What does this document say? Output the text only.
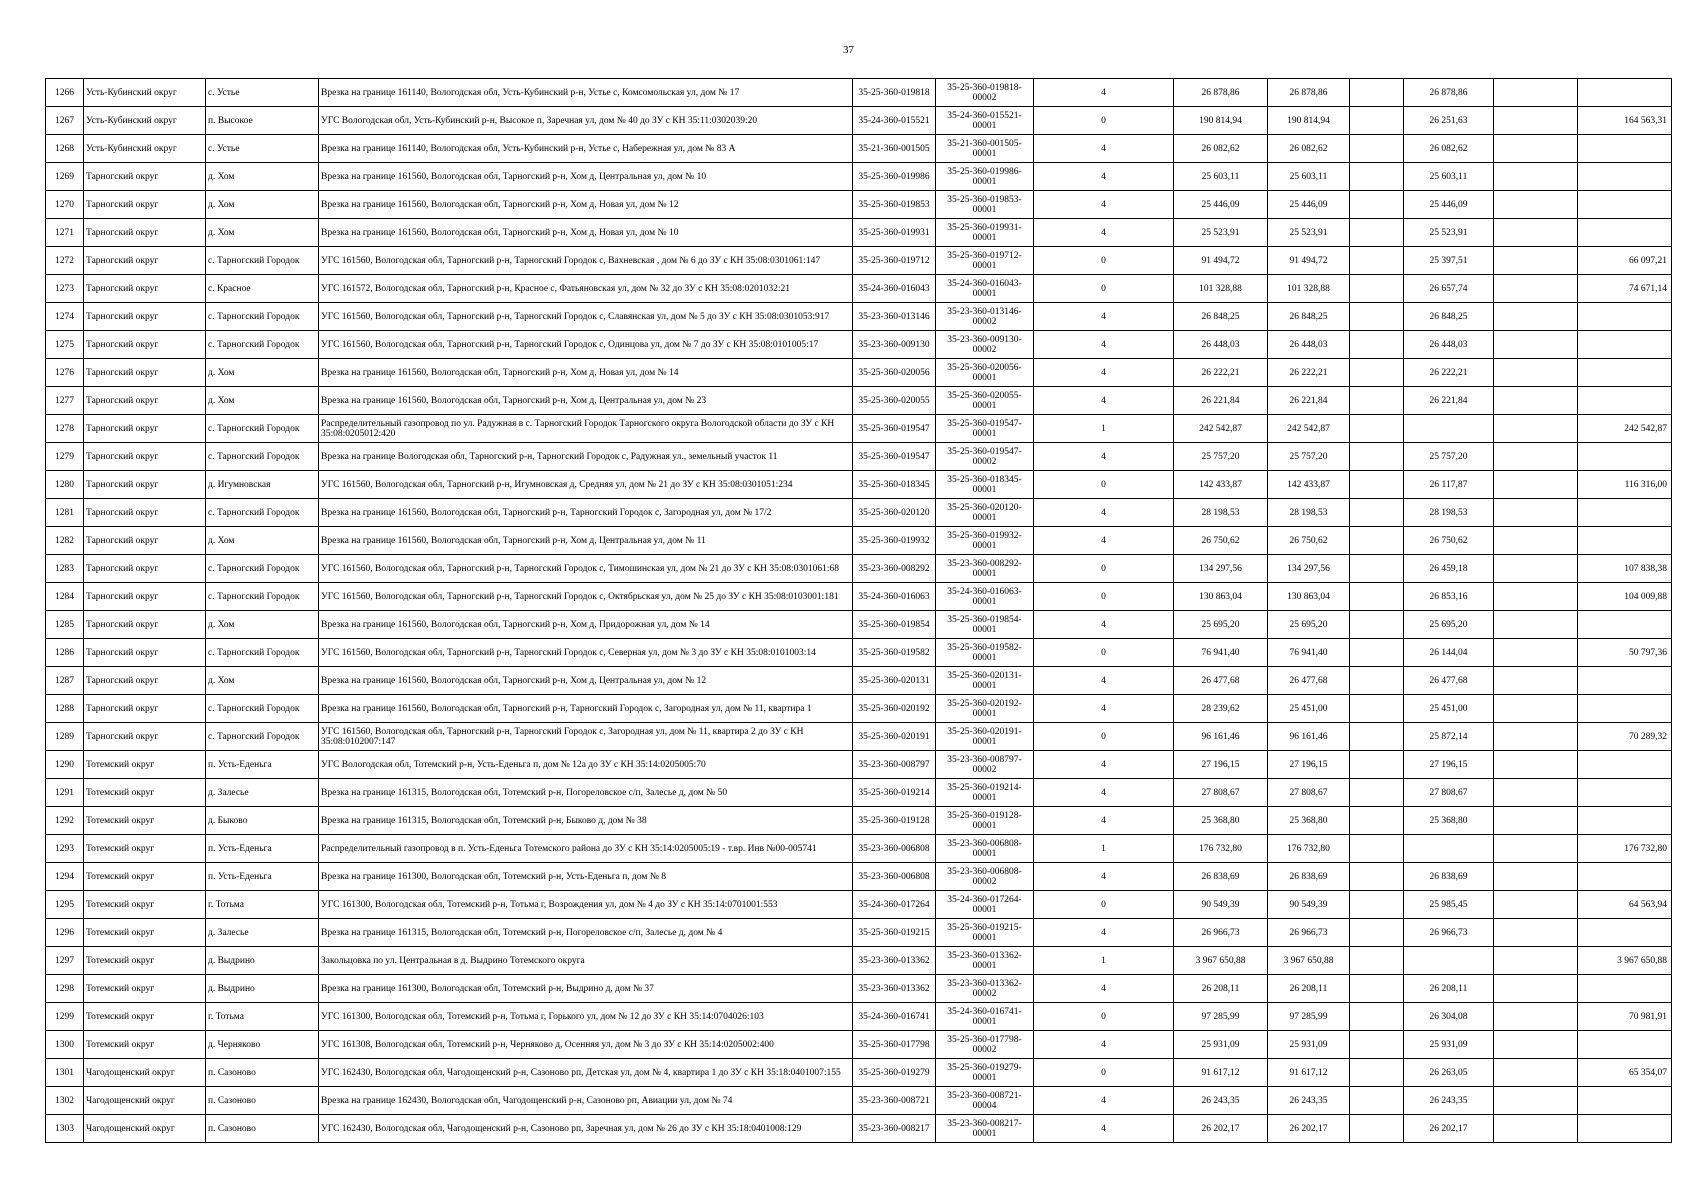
37
1266	Усть-Кубинский округ	с. Устье	Врезка на границе 161140, Вологодская обл, Усть-Кубинский р-н, Устье с, Комсомольская ул, дом № 17	35-25-360-019818	35-25-360-019818-00002	4	26 878,86	26 878,86		26 878,86		
1267	Усть-Кубинский округ	п. Высокое	УГС Вологодская обл, Усть-Кубинский р-н, Высокое п, Заречная ул, дом № 40 до ЗУ с КН 35:11:0302039:20	35-24-360-015521	35-24-360-015521-00001	0	190 814,94	190 814,94		26 251,63		164 563,31
1268	Усть-Кубинский округ	с. Устье	Врезка на границе 161140, Вологодская обл, Усть-Кубинский р-н, Устье с, Набережная ул, дом № 83 А	35-21-360-001505	35-21-360-001505-00001	4	26 082,62	26 082,62		26 082,62		
1269	Тарногский округ	д. Хом	Врезка на границе 161560, Вологодская обл, Тарногский р-н, Хом д, Центральная ул, дом № 10	35-25-360-019986	35-25-360-019986-00001	4	25 603,11	25 603,11		25 603,11		
1270	Тарногский округ	д. Хом	Врезка на границе 161560, Вологодская обл, Тарногский р-н, Хом д, Новая ул, дом № 12	35-25-360-019853	35-25-360-019853-00001	4	25 446,09	25 446,09		25 446,09		
1271	Тарногский округ	д. Хом	Врезка на границе 161560, Вологодская обл, Тарногский р-н, Хом д, Новая ул, дом № 10	35-25-360-019931	35-25-360-019931-00001	4	25 523,91	25 523,91		25 523,91		
1272	Тарногский округ	с. Тарногский Городок	УГС 161560, Вологодская обл, Тарногский р-н, Тарногский Городок с, Вахневская , дом № 6 до ЗУ с КН 35:08:0301061:147	35-25-360-019712	35-25-360-019712-00001	0	91 494,72	91 494,72		25 397,51		66 097,21
1273	Тарногский округ	с. Красное	УГС 161572, Вологодская обл, Тарногский р-н, Красное с, Фатьяновская ул, дом № 32 до ЗУ с КН 35:08:0201032:21	35-24-360-016043	35-24-360-016043-00001	0	101 328,88	101 328,88		26 657,74		74 671,14
1274	Тарногский округ	с. Тарногский Городок	УГС 161560, Вологодская обл, Тарногский р-н, Тарногский Городок с, Славянская ул, дом № 5 до ЗУ с КН 35:08:0301053:917	35-23-360-013146	35-23-360-013146-00002	4	26 848,25	26 848,25		26 848,25		
1275	Тарногский округ	с. Тарногский Городок	УГС 161560, Вологодская обл, Тарногский р-н, Тарногский Городок с, Одинцова ул, дом № 7 до ЗУ с КН 35:08:0101005:17	35-23-360-009130	35-23-360-009130-00002	4	26 448,03	26 448,03		26 448,03		
1276	Тарногский округ	д. Хом	Врезка на границе 161560, Вологодская обл, Тарногский р-н, Хом д, Новая ул, дом № 14	35-25-360-020056	35-25-360-020056-00001	4	26 222,21	26 222,21		26 222,21		
1277	Тарногский округ	д. Хом	Врезка на границе 161560, Вологодская обл, Тарногский р-н, Хом д, Центральная ул, дом № 23	35-25-360-020055	35-25-360-020055-00001	4	26 221,84	26 221,84		26 221,84		
1278	Тарногский округ	с. Тарногский Городок	Распределительный газопровод по ул. Радужная в с. Тарногский Городок Тарногского округа Вологодской области до ЗУ с КН 35:08:0205012:420	35-25-360-019547	35-25-360-019547-00001	1	242 542,87	242 542,87				242 542,87
1279	Тарногский округ	с. Тарногский Городок	Врезка на границе Вологодская обл, Тарногский р-н, Тарногский Городок с, Радужная ул., земельный участок 11	35-25-360-019547	35-25-360-019547-00002	4	25 757,20	25 757,20		25 757,20		
1280	Тарногский округ	д. Игумновская	УГС 161560, Вологодская обл, Тарногский р-н, Игумновская д, Средняя ул, дом № 21 до ЗУ с КН 35:08:0301051:234	35-25-360-018345	35-25-360-018345-00001	0	142 433,87	142 433,87		26 117,87		116 316,00
1281	Тарногский округ	с. Тарногский Городок	Врезка на границе 161560, Вологодская обл, Тарногский р-н, Тарногский Городок с, Загородная ул, дом № 17/2	35-25-360-020120	35-25-360-020120-00001	4	28 198,53	28 198,53		28 198,53		
1282	Тарногский округ	д. Хом	Врезка на границе 161560, Вологодская обл, Тарногский р-н, Хом д, Центральная ул, дом № 11	35-25-360-019932	35-25-360-019932-00001	4	26 750,62	26 750,62		26 750,62		
1283	Тарногский округ	с. Тарногский Городок	УГС 161560, Вологодская обл, Тарногский р-н, Тарногский Городок с, Тимошинская ул, дом № 21 до ЗУ с КН 35:08:0301061:68	35-23-360-008292	35-23-360-008292-00001	0	134 297,56	134 297,56		26 459,18		107 838,38
1284	Тарногский округ	с. Тарногский Городок	УГС 161560, Вологодская обл, Тарногский р-н, Тарногский Городок с, Октябрьская ул, дом № 25 до ЗУ с КН 35:08:0103001:181	35-24-360-016063	35-24-360-016063-00001	0	130 863,04	130 863,04		26 853,16		104 009,88
1285	Тарногский округ	д. Хом	Врезка на границе 161560, Вологодская обл, Тарногский р-н, Хом д, Придорожная ул, дом № 14	35-25-360-019854	35-25-360-019854-00001	4	25 695,20	25 695,20		25 695,20		
1286	Тарногский округ	с. Тарногский Городок	УГС 161560, Вологодская обл, Тарногский р-н, Тарногский Городок с, Северная ул, дом № 3 до ЗУ с КН 35:08:0101003:14	35-25-360-019582	35-25-360-019582-00001	0	76 941,40	76 941,40		26 144,04		50 797,36
1287	Тарногский округ	д. Хом	Врезка на границе 161560, Вологодская обл, Тарногский р-н, Хом д, Центральная ул, дом № 12	35-25-360-020131	35-25-360-020131-00001	4	26 477,68	26 477,68		26 477,68		
1288	Тарногский округ	с. Тарногский Городок	Врезка на границе 161560, Вологодская обл, Тарногский р-н, Тарногский Городок с, Загородная ул, дом № 11, квартира 1	35-25-360-020192	35-25-360-020192-00001	4	28 239,62	25 451,00		25 451,00		
1289	Тарногский округ	с. Тарногский Городок	УГС 161560, Вологодская обл, Тарногский р-н, Тарногский Городок с, Загородная ул, дом № 11, квартира 2 до ЗУ с КН 35:08:0102007:147	35-25-360-020191	35-25-360-020191-00001	0	96 161,46	96 161,46		25 872,14		70 289,32
1290	Тотемский округ	п. Усть-Еденьга	УГС Вологодская обл, Тотемский р-н, Усть-Еденьга п, дом № 12а до ЗУ с КН 35:14:0205005:70	35-23-360-008797	35-23-360-008797-00002	4	27 196,15	27 196,15		27 196,15		
1291	Тотемский округ	д. Залесье	Врезка на границе 161315, Вологодская обл, Тотемский р-н, Погореловское с/п, Залесье д, дом № 50	35-25-360-019214	35-25-360-019214-00001	4	27 808,67	27 808,67		27 808,67		
1292	Тотемский округ	д. Быково	Врезка на границе 161315, Вологодская обл, Тотемский р-н, Быково д, дом № 38	35-25-360-019128	35-25-360-019128-00001	4	25 368,80	25 368,80		25 368,80		
1293	Тотемский округ	п. Усть-Еденьга	Распределительный газопровод в п. Усть-Еденьга Тотемского района до ЗУ с КН 35:14:0205005:19 - т.вр. Инв №00-005741	35-23-360-006808	35-23-360-006808-00001	1	176 732,80	176 732,80				176 732,80
1294	Тотемский округ	п. Усть-Еденьга	Врезка на границе 161300, Вологодская обл, Тотемский р-н, Усть-Еденьга п, дом № 8	35-23-360-006808	35-23-360-006808-00002	4	26 838,69	26 838,69		26 838,69		
1295	Тотемский округ	г. Тотьма	УГС 161300, Вологодская обл, Тотемский р-н, Тотьма г, Возрождения ул, дом № 4 до ЗУ с КН 35:14:0701001:553	35-24-360-017264	35-24-360-017264-00001	0	90 549,39	90 549,39		25 985,45		64 563,94
1296	Тотемский округ	д. Залесье	Врезка на границе 161315, Вологодская обл, Тотемский р-н, Погореловское с/п, Залесье д, дом № 4	35-25-360-019215	35-25-360-019215-00001	4	26 966,73	26 966,73		26 966,73		
1297	Тотемский округ	д. Выдрино	Закольцовка по ул. Центральная в д. Выдрино Тотемского округа	35-23-360-013362	35-23-360-013362-00001	1	3 967 650,88	3 967 650,88				3 967 650,88
1298	Тотемский округ	д. Выдрино	Врезка на границе 161300, Вологодская обл, Тотемский р-н, Выдрино д, дом № 37	35-23-360-013362	35-23-360-013362-00002	4	26 208,11	26 208,11		26 208,11		
1299	Тотемский округ	г. Тотьма	УГС 161300, Вологодская обл, Тотемский р-н, Тотьма г, Горького ул, дом № 12 до ЗУ с КН 35:14:0704026:103	35-24-360-016741	35-24-360-016741-00001	0	97 285,99	97 285,99		26 304,08		70 981,91
1300	Тотемский округ	д. Черняково	УГС 161308, Вологодская обл, Тотемский р-н, Черняково д, Осенняя ул, дом № 3 до ЗУ с КН 35:14:0205002:400	35-25-360-017798	35-25-360-017798-00002	4	25 931,09	25 931,09		25 931,09		
1301	Чагодощенский округ	п. Сазоново	УГС 162430, Вологодская обл, Чагодощенский р-н, Сазоново рп, Детская ул, дом № 4, квартира 1 до ЗУ с КН 35:18:0401007:155	35-25-360-019279	35-25-360-019279-00001	0	91 617,12	91 617,12		26 263,05		65 354,07
1302	Чагодощенский округ	п. Сазоново	Врезка на границе 162430, Вологодская обл, Чагодощенский р-н, Сазоново рп, Авиации ул, дом № 74	35-23-360-008721	35-23-360-008721-00004	4	26 243,35	26 243,35		26 243,35		
1303	Чагодощенский округ	п. Сазоново	УГС 162430, Вологодская обл, Чагодощенский р-н, Сазоново рп, Заречная ул, дом № 26 до ЗУ с КН 35:18:0401008:129	35-23-360-008217	35-23-360-008217-00001	4	26 202,17	26 202,17		26 202,17		
